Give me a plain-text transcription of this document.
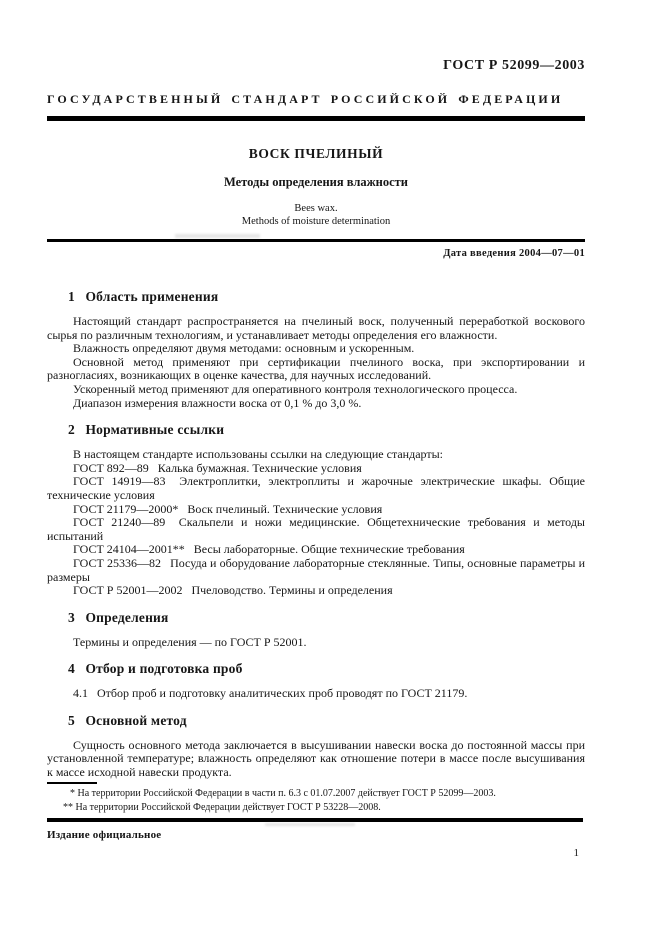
ГОСТ Р 52099—2003
ГОСУДАРСТВЕННЫЙ СТАНДАРТ РОССИЙСКОЙ ФЕДЕРАЦИИ
ВОСК ПЧЕЛИНЫЙ
Методы определения влажности
Bees wax.
Methods of moisture determination
Дата введения 2004—07—01
1  Область применения

Настоящий стандарт распространяется на пчелиный воск, полученный переработкой воскового сырья по различным технологиям, и устанавливает методы определения его влажности.

Влажность определяют двумя методами: основным и ускоренным.

Основной метод применяют при сертификации пчелиного воска, при экспортировании и разногласиях, возникающих в оценке качества, для научных исследований.

Ускоренный метод применяют для оперативного контроля технологического процесса.

Диапазон измерения влажности воска от 0,1 % до 3,0 %.

2  Нормативные ссылки

В настоящем стандарте использованы ссылки на следующие стандарты:

ГОСТ 892—89  Калька бумажная. Технические условия

ГОСТ 14919—83  Электроплитки, электроплиты и жарочные электрические шкафы. Общие технические условия

ГОСТ 21179—2000*  Воск пчелиный. Технические условия

ГОСТ 21240—89  Скальпели и ножи медицинские. Общетехнические требования и методы испытаний

ГОСТ 24104—2001**  Весы лабораторные. Общие технические требования

ГОСТ 25336—82  Посуда и оборудование лабораторные стеклянные. Типы, основные параметры и размеры

ГОСТ Р 52001—2002  Пчеловодство. Термины и определения

3  Определения

Термины и определения — по ГОСТ Р 52001.

4  Отбор и подготовка проб

4.1  Отбор проб и подготовку аналитических проб проводят по ГОСТ 21179.

5  Основной метод

Сущность основного метода заключается в высушивании навески воска до постоянной массы при установленной температуре; влажность определяют как отношение потери в массе после высушивания к массе исходной навески продукта.

* На территории Российской Федерации в части п. 6.3 с 01.07.2007 действует ГОСТ Р 52099—2003.

** На территории Российской Федерации действует ГОСТ Р 53228—2008.

Издание официальное
1
